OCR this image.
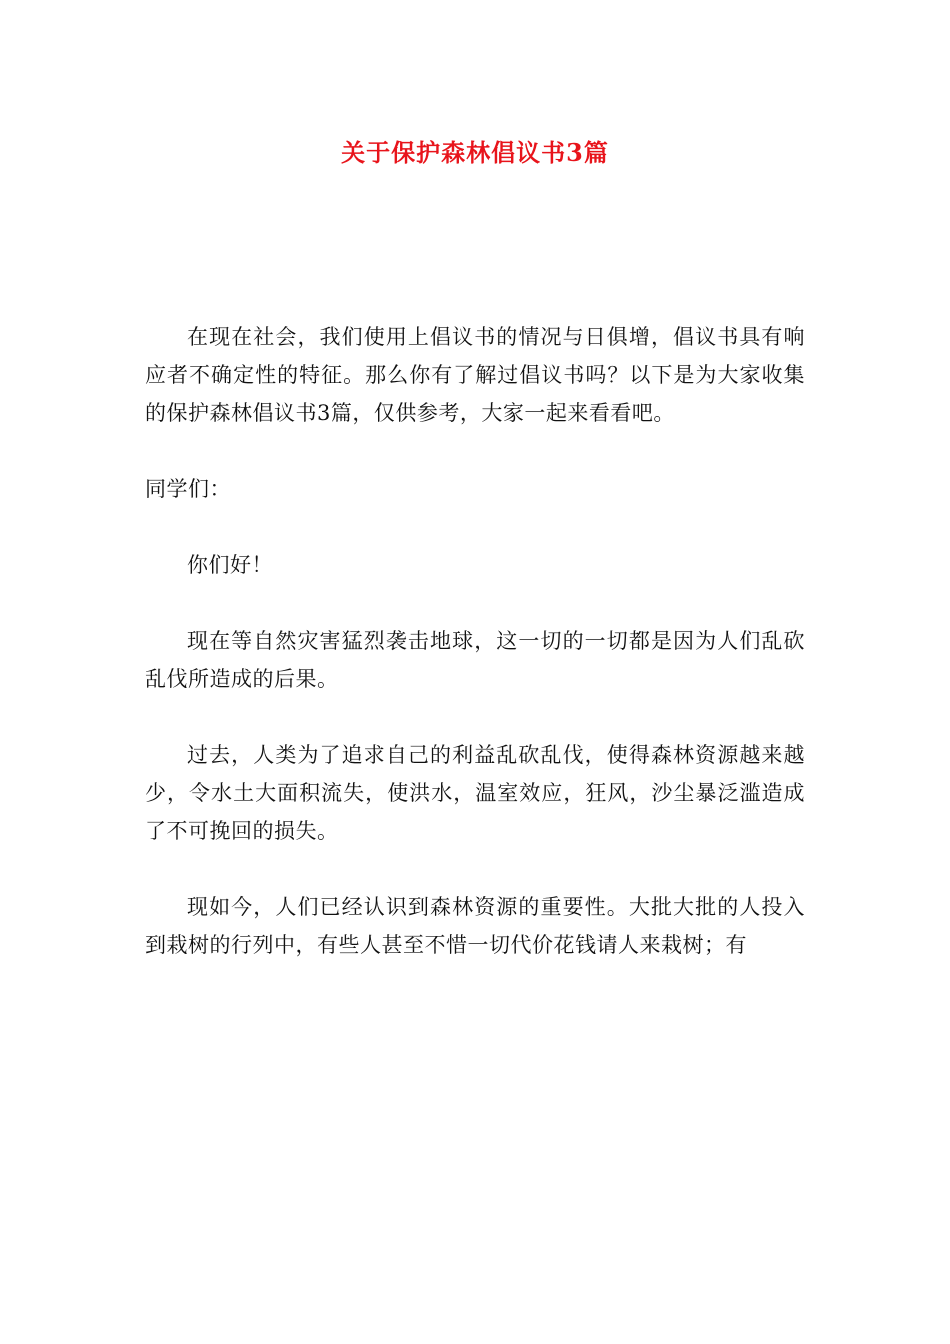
关于保护森林倡议书3篇

在现在社会，我们使用上倡议书的情况与日俱增，倡议书具有响应者不确定性的特征。那么你有了解过倡议书吗？以下是为大家收集的保护森林倡议书3篇，仅供参考，大家一起来看看吧。

同学们：

你们好！

现在等自然灾害猛烈袭击地球，这一切的一切都是因为人们乱砍乱伐所造成的后果。

过去，人类为了追求自己的利益乱砍乱伐，使得森林资源越来越少，令水土大面积流失，使洪水，温室效应，狂风，沙尘暴泛滥造成了不可挽回的损失。

现如今，人们已经认识到森林资源的重要性。大批大批的人投入到栽树的行列中，有些人甚至不惜一切代价花钱请人来栽树；有
